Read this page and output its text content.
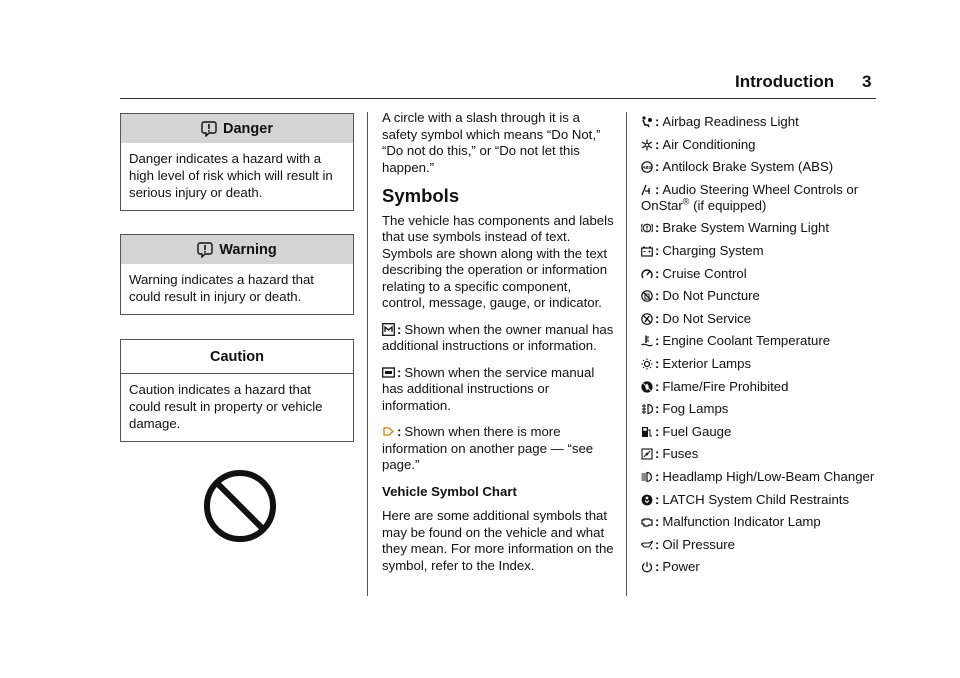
Introduction 3
Danger
Danger indicates a hazard with a high level of risk which will result in serious injury or death.
Warning
Warning indicates a hazard that could result in injury or death.
Caution
Caution indicates a hazard that could result in property or vehicle damage.

A circle with a slash through it is a safety symbol which means “Do Not,” “Do not do this,” or “Do not let this happen.”

Symbols

The vehicle has components and labels that use symbols instead of text. Symbols are shown along with the text describing the operation or information relating to a specific component, control, message, gauge, or indicator.

: Shown when the owner manual has additional instructions or information.

: Shown when the service manual has additional instructions or information.

: Shown when there is more information on another page — “see page.”

Vehicle Symbol Chart

Here are some additional symbols that may be found on the vehicle and what they mean. For more information on the symbol, refer to the Index.

: Airbag Readiness Light
: Air Conditioning
ABS : Antilock Brake System (ABS)
: Audio Steering Wheel Controls or OnStar® (if equipped)
: Brake System Warning Light
: Charging System
: Cruise Control
: Do Not Puncture
: Do Not Service
: Engine Coolant Temperature
: Exterior Lamps
: Flame/Fire Prohibited
: Fog Lamps
: Fuel Gauge
: Fuses
: Headlamp High/Low-Beam Changer
: LATCH System Child Restraints
: Malfunction Indicator Lamp
: Oil Pressure
: Power
